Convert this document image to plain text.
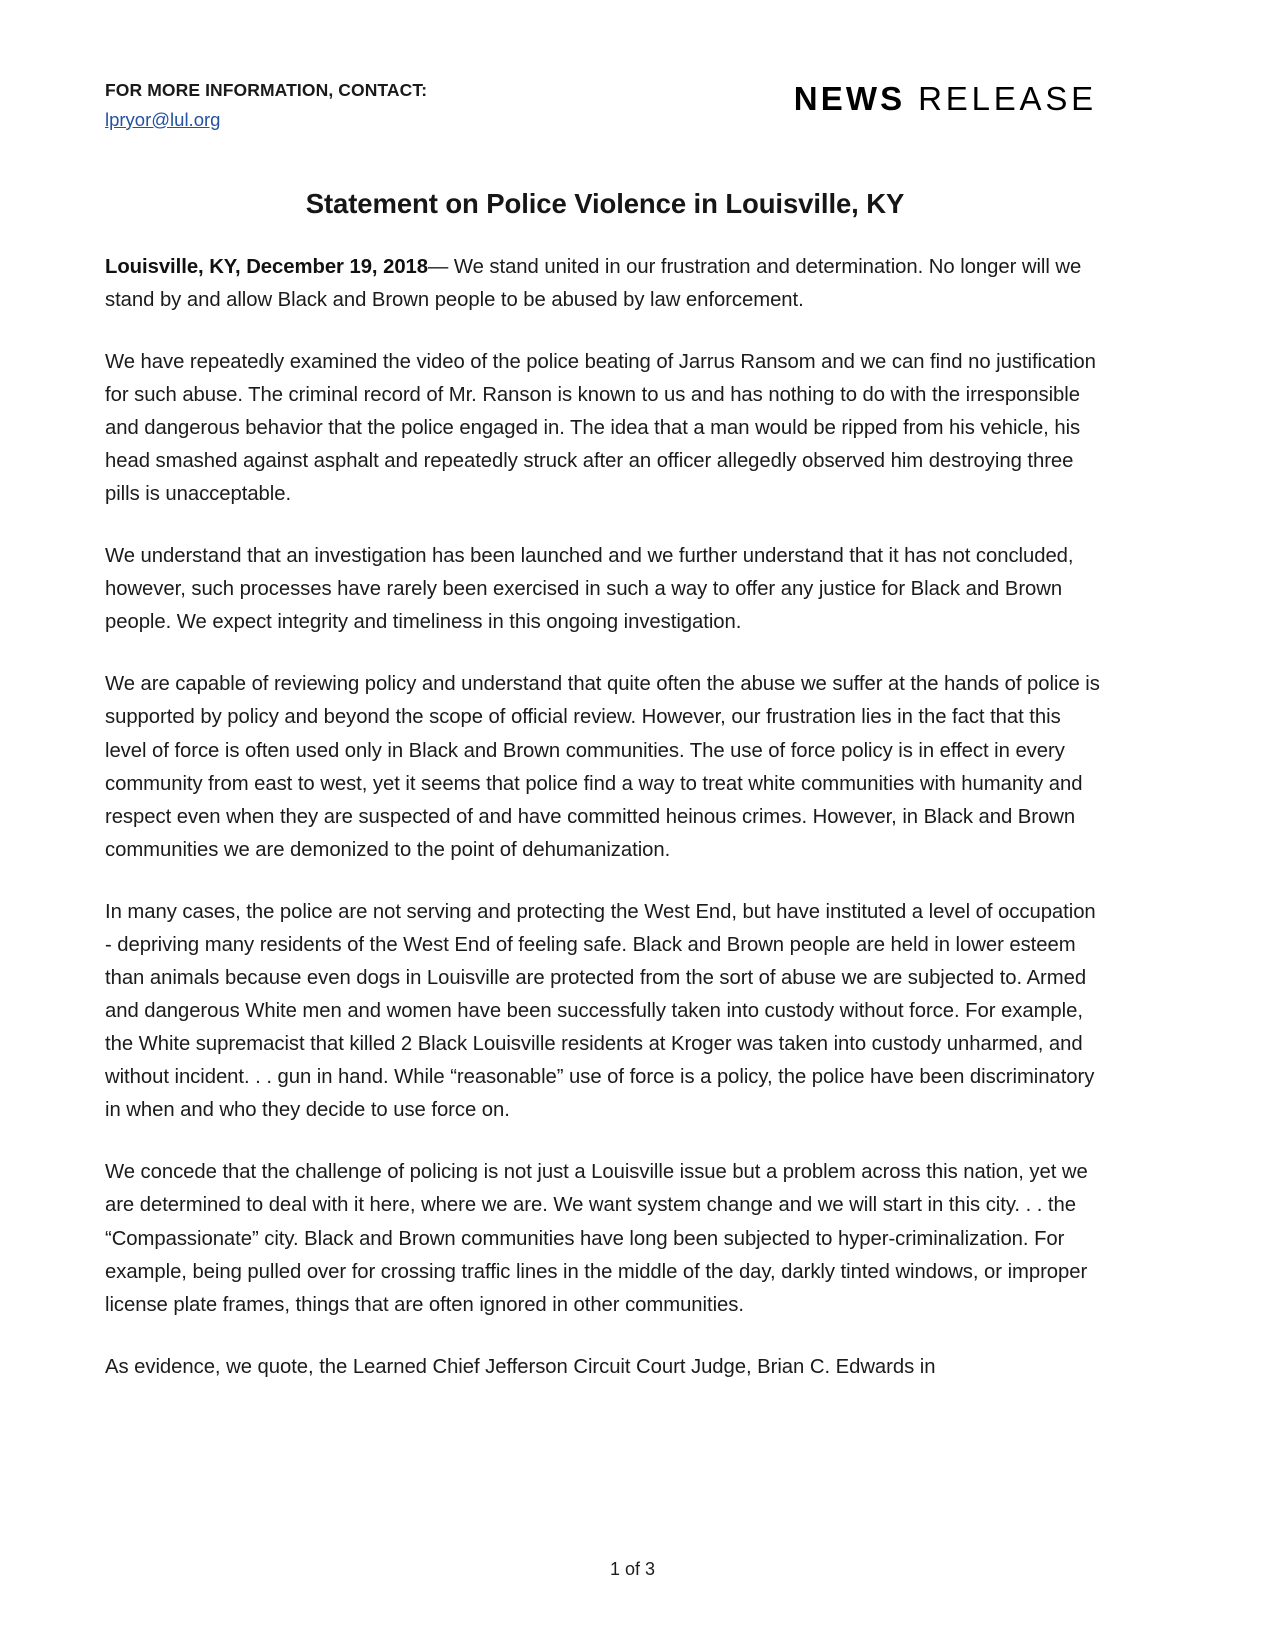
FOR MORE INFORMATION, CONTACT:
lpryor@lul.org
NEWS RELEASE
Statement on Police Violence in Louisville, KY

Louisville, KY, December 19, 2018— We stand united in our frustration and determination. No longer will we stand by and allow Black and Brown people to be abused by law enforcement.

We have repeatedly examined the video of the police beating of Jarrus Ransom and we can find no justification for such abuse. The criminal record of Mr. Ranson is known to us and has nothing to do with the irresponsible and dangerous behavior that the police engaged in. The idea that a man would be ripped from his vehicle, his head smashed against asphalt and repeatedly struck after an officer allegedly observed him destroying three pills is unacceptable.

We understand that an investigation has been launched and we further understand that it has not concluded, however, such processes have rarely been exercised in such a way to offer any justice for Black and Brown people. We expect integrity and timeliness in this ongoing investigation.

We are capable of reviewing policy and understand that quite often the abuse we suffer at the hands of police is supported by policy and beyond the scope of official review. However, our frustration lies in the fact that this level of force is often used only in Black and Brown communities. The use of force policy is in effect in every community from east to west, yet it seems that police find a way to treat white communities with humanity and respect even when they are suspected of and have committed heinous crimes. However, in Black and Brown communities we are demonized to the point of dehumanization.

In many cases, the police are not serving and protecting the West End, but have instituted a level of occupation - depriving many residents of the West End of feeling safe. Black and Brown people are held in lower esteem than animals because even dogs in Louisville are protected from the sort of abuse we are subjected to. Armed and dangerous White men and women have been successfully taken into custody without force. For example, the White supremacist that killed 2 Black Louisville residents at Kroger was taken into custody unharmed, and without incident. . . gun in hand. While “reasonable” use of force is a policy, the police have been discriminatory in when and who they decide to use force on.

We concede that the challenge of policing is not just a Louisville issue but a problem across this nation, yet we are determined to deal with it here, where we are. We want system change and we will start in this city. . . the “Compassionate” city. Black and Brown communities have long been subjected to hyper-criminalization. For example, being pulled over for crossing traffic lines in the middle of the day, darkly tinted windows, or improper license plate frames, things that are often ignored in other communities.

As evidence, we quote, the Learned Chief Jefferson Circuit Court Judge, Brian C. Edwards in

1 of 3
